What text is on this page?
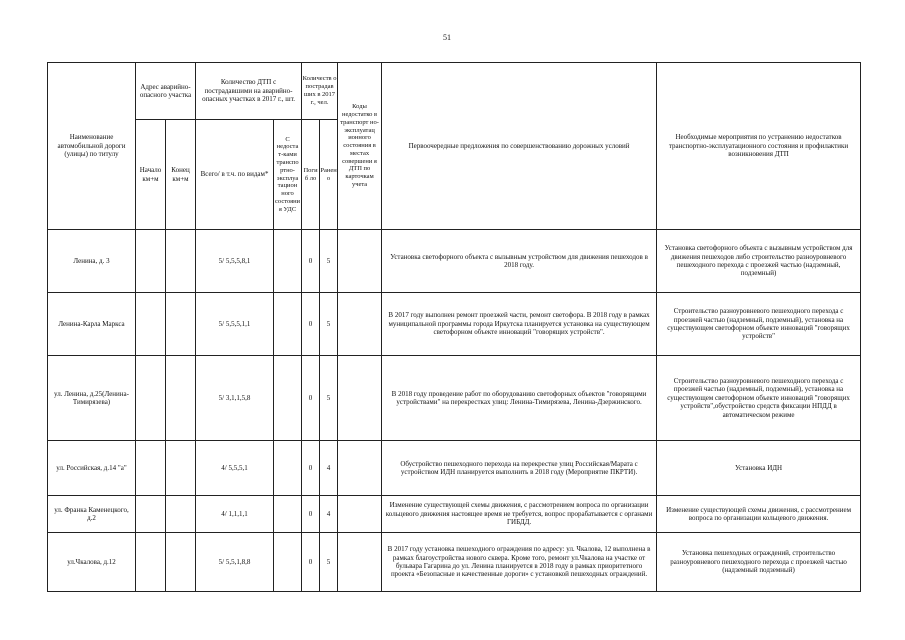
51
Наименование автомобильной дороги (улицы) по титулу	Адрес аварийно-опасного участка		Количество ДТП с пострадавшими на аварийно-опасных участках в 2017 г., шт.		Количеств о пострадав ших в 2017 г., чел.		Коды недостатко в транспорт но-эксплуатац ионного состояния в местах совершени я ДТП по карточкам учета	Первоочередные предложения по совершенствованию дорожных условий	Необходимые мероприятия по устранению недостатков транспортно-эксплуатационного состояния и профилактики возникновения ДТП
	Начало км+м	Конец км+м	Всего/ в т.ч. по видам*	С недоста т-ками транспо ртно-эксплуа тацион ного состояни я УДС	Погиб ло	Ранен о			
Ленина, д. 3			5/ 5,5,5,8,1		0	5		Установка светофорного объекта с вызывным устройством для движения пешеходов в 2018 году.	Установка светофорного объекта с вызывным устройством для движения пешеходов либо строительство разноуровневого пешеходного перехода с проезжей частью (надземный, подземный)
Ленина-Карла Маркса			5/ 5,5,5,1,1		0	5		В 2017 году выполнен ремонт проезжей части, ремонт светофора. В 2018 году в рамках муниципальной программы города Иркутска планируется установка на существующем светофорном объекте инноваций "говорящих устройств".	Строительство разноуровневого пешеходного перехода с проезжей частью (надземный, подземный), установка на существующем светофорном объекте инноваций "говорящих устройств"
ул. Ленина, д.25(Ленина-Тимирязева)			5/ 3,1,1,5,8		0	5		В 2018 году проведение работ по оборудованию светофорных объектов "говорящими устройствами" на перекрестках улиц: Ленина-Тимирязева, Ленина-Дзержинского.	Строительство разноуровневого пешеходного перехода с проезжей частью (надземный, подземный), установка на существующем светофорном объекте инноваций "говорящих устройств",обустройство средств фиксации НПДД в автоматическом режиме
ул. Российская, д.14 "а"			4/ 5,5,5,1		0	4		Обустройство пешеходного перехода на перекрестке улиц Российская/Марата с устройством ИДН планируется выполнить в 2018 году (Мероприятие ПКРТИ).	Установка ИДН
ул. Франка Каменецкого, д.2			4/ 1,1,1,1		0	4		Изменение существующей схемы движения, с рассмотрением вопроса по организации кольцевого движения настоящее время не требуется, вопрос прорабатывается с органами ГИБДД.	Изменение существующей схемы движения, с рассмотрением вопроса по организации кольцевого движения.
ул.Чкалова, д.12			5/ 5,5,1,8,8		0	5		В 2017 году установка пешеходного ограждения по адресу: ул. Чкалова, 12 выполнена в рамках благоустройства нового сквера. Кроме того, ремонт ул.Чкалова на участке от бульвара Гагарина до ул. Ленина планируется в 2018 году в рамках приоритетного проекта «Безопасные и качественные дороги» с установкой пешеходных ограждений.	Установка пешеходных ограждений, строительство разноуровневого пешеходного перехода с проезжей частью (надземный подземный)
